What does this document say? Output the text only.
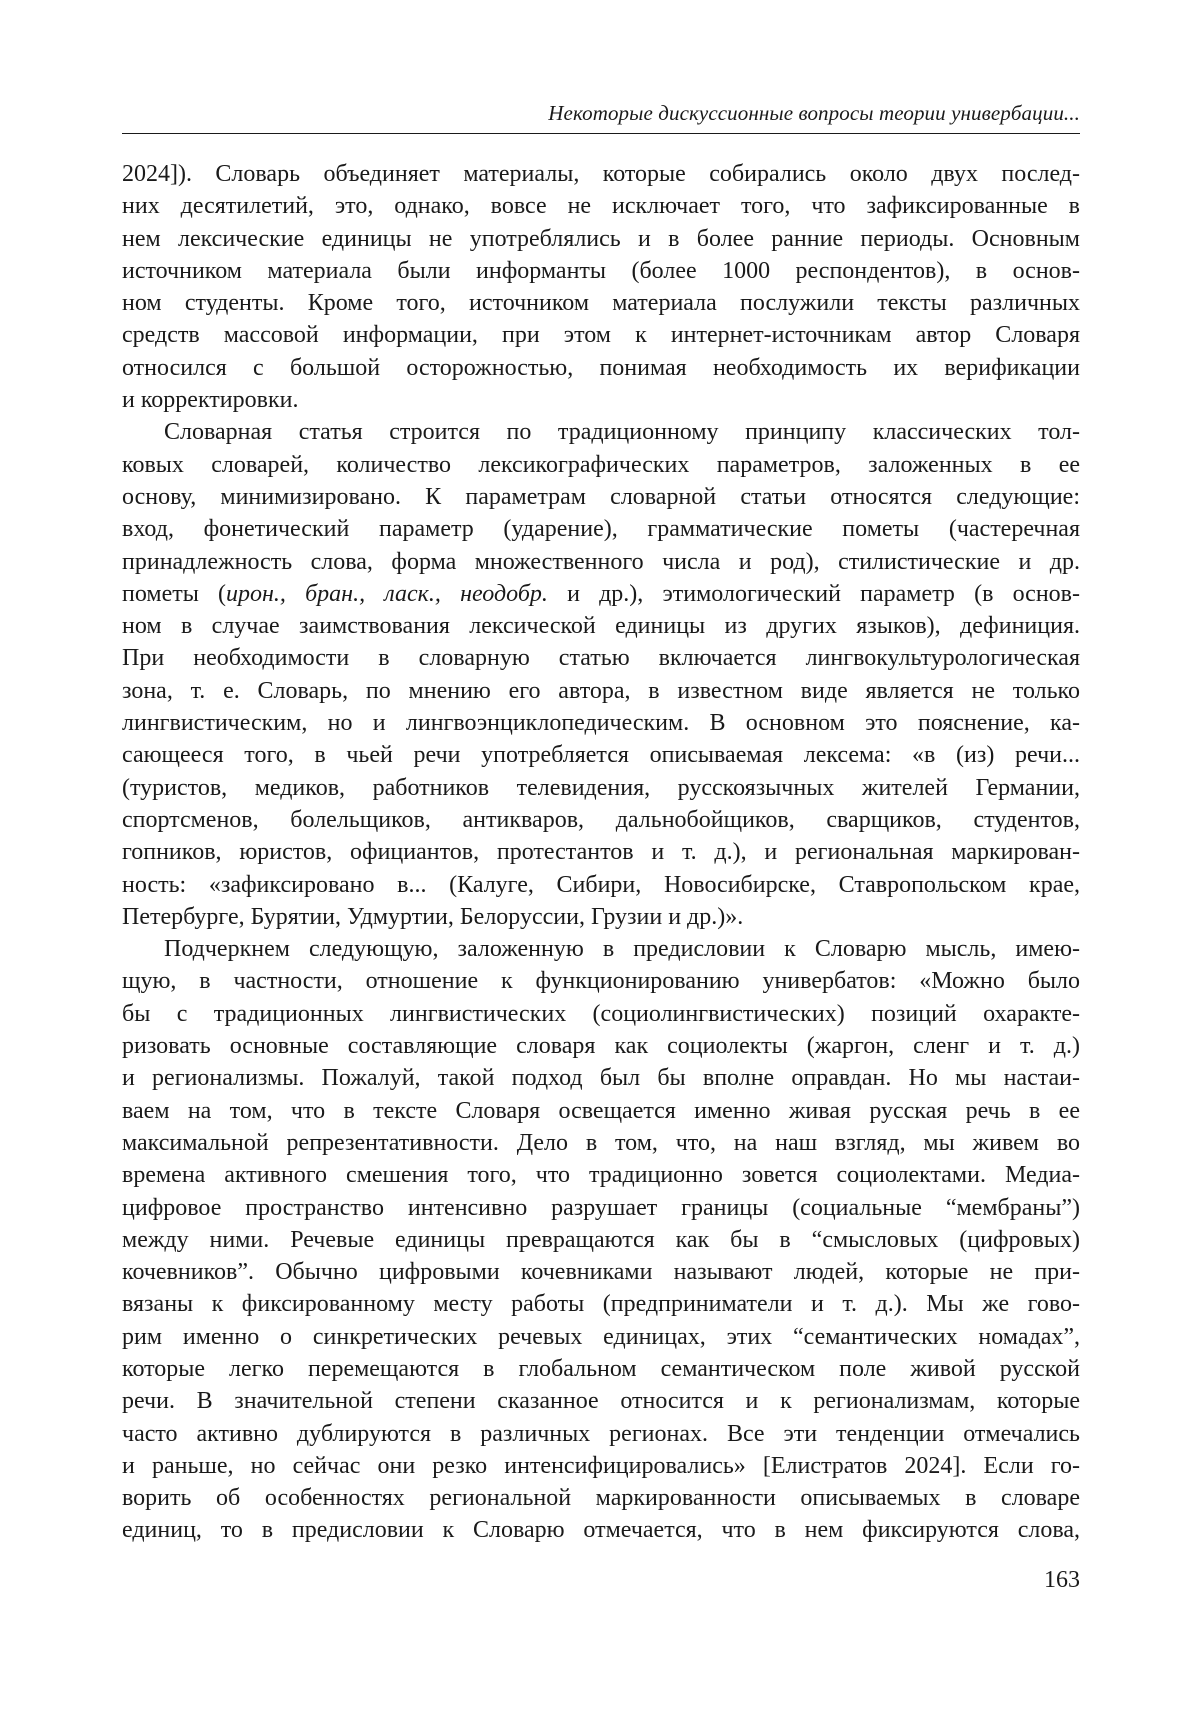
Некоторые дискуссионные вопросы теории универбации...
2024]). Словарь объединяет материалы, которые собирались около двух послед-
них десятилетий, это, однако, вовсе не исключает того, что зафиксированные в
нем лексические единицы не употреблялись и в более ранние периоды. Основным
источником материала были информанты (более 1000 респондентов), в основ-
ном студенты. Кроме того, источником материала послужили тексты различных
средств массовой информации, при этом к интернет-источникам автор Словаря
относился с большой осторожностью, понимая необходимость их верификации
и корректировки.
Словарная статья строится по традиционному принципу классических тол-
ковых словарей, количество лексикографических параметров, заложенных в ее
основу, минимизировано. К параметрам словарной статьи относятся следующие:
вход, фонетический параметр (ударение), грамматические пометы (частеречная
принадлежность слова, форма множественного числа и род), стилистические и др.
пометы (ирон., бран., ласк., неодобр. и др.), этимологический параметр (в основ-
ном в случае заимствования лексической единицы из других языков), дефиниция.
При необходимости в словарную статью включается лингвокультурологическая
зона, т. е. Словарь, по мнению его автора, в известном виде является не только
лингвистическим, но и лингвоэнциклопедическим. В основном это пояснение, ка-
сающееся того, в чьей речи употребляется описываемая лексема: «в (из) речи...
(туристов, медиков, работников телевидения, русскоязычных жителей Германии,
спортсменов, болельщиков, антикваров, дальнобойщиков, сварщиков, студентов,
гопников, юристов, официантов, протестантов и т. д.), и региональная маркирован-
ность: «зафиксировано в... (Калуге, Сибири, Новосибирске, Ставропольском крае,
Петербурге, Бурятии, Удмуртии, Белоруссии, Грузии и др.)».
Подчеркнем следующую, заложенную в предисловии к Словарю мысль, имею-
щую, в частности, отношение к функционированию универбатов: «Можно было
бы с традиционных лингвистических (социолингвистических) позиций охаракте-
ризовать основные составляющие словаря как социолекты (жаргон, сленг и т. д.)
и регионализмы. Пожалуй, такой подход был бы вполне оправдан. Но мы настаи-
ваем на том, что в тексте Словаря освещается именно живая русская речь в ее
максимальной репрезентативности. Дело в том, что, на наш взгляд, мы живем во
времена активного смешения того, что традиционно зовется социолектами. Медиа-
цифровое пространство интенсивно разрушает границы (социальные “мембраны”)
между ними. Речевые единицы превращаются как бы в “смысловых (цифровых)
кочевников”. Обычно цифровыми кочевниками называют людей, которые не при-
вязаны к фиксированному месту работы (предприниматели и т. д.). Мы же гово-
рим именно о синкретических речевых единицах, этих “семантических номадах”,
которые легко перемещаются в глобальном семантическом поле живой русской
речи. В значительной степени сказанное относится и к регионализмам, которые
часто активно дублируются в различных регионах. Все эти тенденции отмечались
и раньше, но сейчас они резко интенсифицировались» [Елистратов 2024]. Если го-
ворить об особенностях региональной маркированности описываемых в словаре
единиц, то в предисловии к Словарю отмечается, что в нем фиксируются слова,
163
